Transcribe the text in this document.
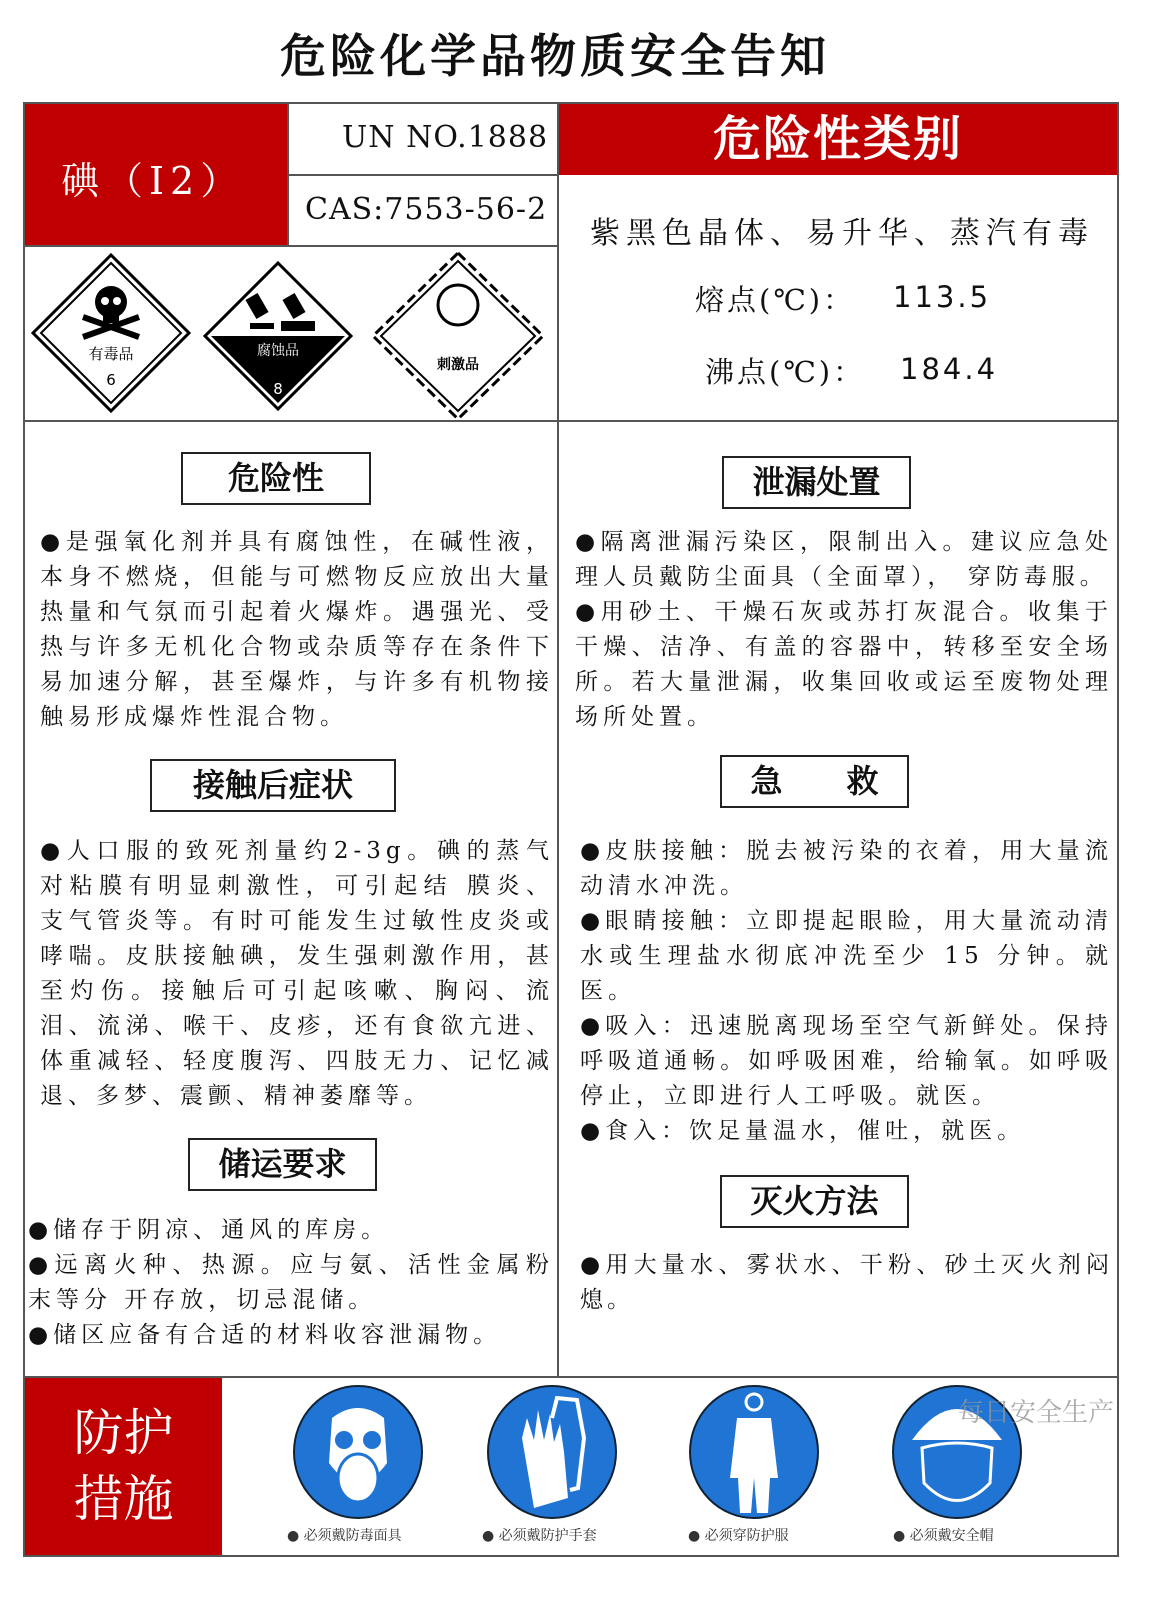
危险化学品物质安全告知
碘（I2）
UN NO.1888
CAS:7553-56-2
危险性类别
紫黑色晶体、易升华、蒸汽有毒
熔点(℃)： 113.5
沸点(℃)： 184.4
有毒品
6
腐蚀品
8
刺激品
危险性

●是强氧化剂并具有腐蚀性，在碱性液，本身不燃烧，但能与可燃物反应放出大量热量和气氛而引起着火爆炸。遇强光、受热与许多无机化合物或杂质等存在条件下易加速分解，甚至爆炸，与许多有机物接触易形成爆炸性混合物。

接触后症状

●人口服的致死剂量约2-3g。碘的蒸气对粘膜有明显刺激性，可引起结 膜炎、支气管炎等。有时可能发生过敏性皮炎或哮喘。皮肤接触碘，发生强刺激作用，甚至灼伤。接触后可引起咳嗽、胸闷、流泪、流涕、喉干、皮疹，还有食欲亢进、体重减轻、轻度腹泻、四肢无力、记忆减退、多梦、震颤、精神萎靡等。

储运要求

●储存于阴凉、通风的库房。

●远离火种、热源。应与氨、活性金属粉末等分 开存放，切忌混储。

●储区应备有合适的材料收容泄漏物。

泄漏处置

●隔离泄漏污染区，限制出入。建议应急处理人员戴防尘面具（全面罩）， 穿防毒服。

●用砂土、干燥石灰或苏打灰混合。收集于干燥、洁净、有盖的容器中，转移至安全场所。若大量泄漏，收集回收或运至废物处理场所处置。

急　　救

●皮肤接触：脱去被污染的衣着，用大量流动清水冲洗。

●眼睛接触：立即提起眼睑，用大量流动清水或生理盐水彻底冲洗至少 15 分钟。就医。

●吸入：迅速脱离现场至空气新鲜处。保持呼吸道通畅。如呼吸困难，给输氧。如呼吸停止，立即进行人工呼吸。就医。

●食入：饮足量温水，催吐，就医。

灭火方法

●用大量水、雾状水、干粉、砂土灭火剂闷熄。

防护
措施
● 必须戴防毒面具	● 必须戴防护手套	● 必须穿防护服	● 必须戴安全帽
每日安全生产
